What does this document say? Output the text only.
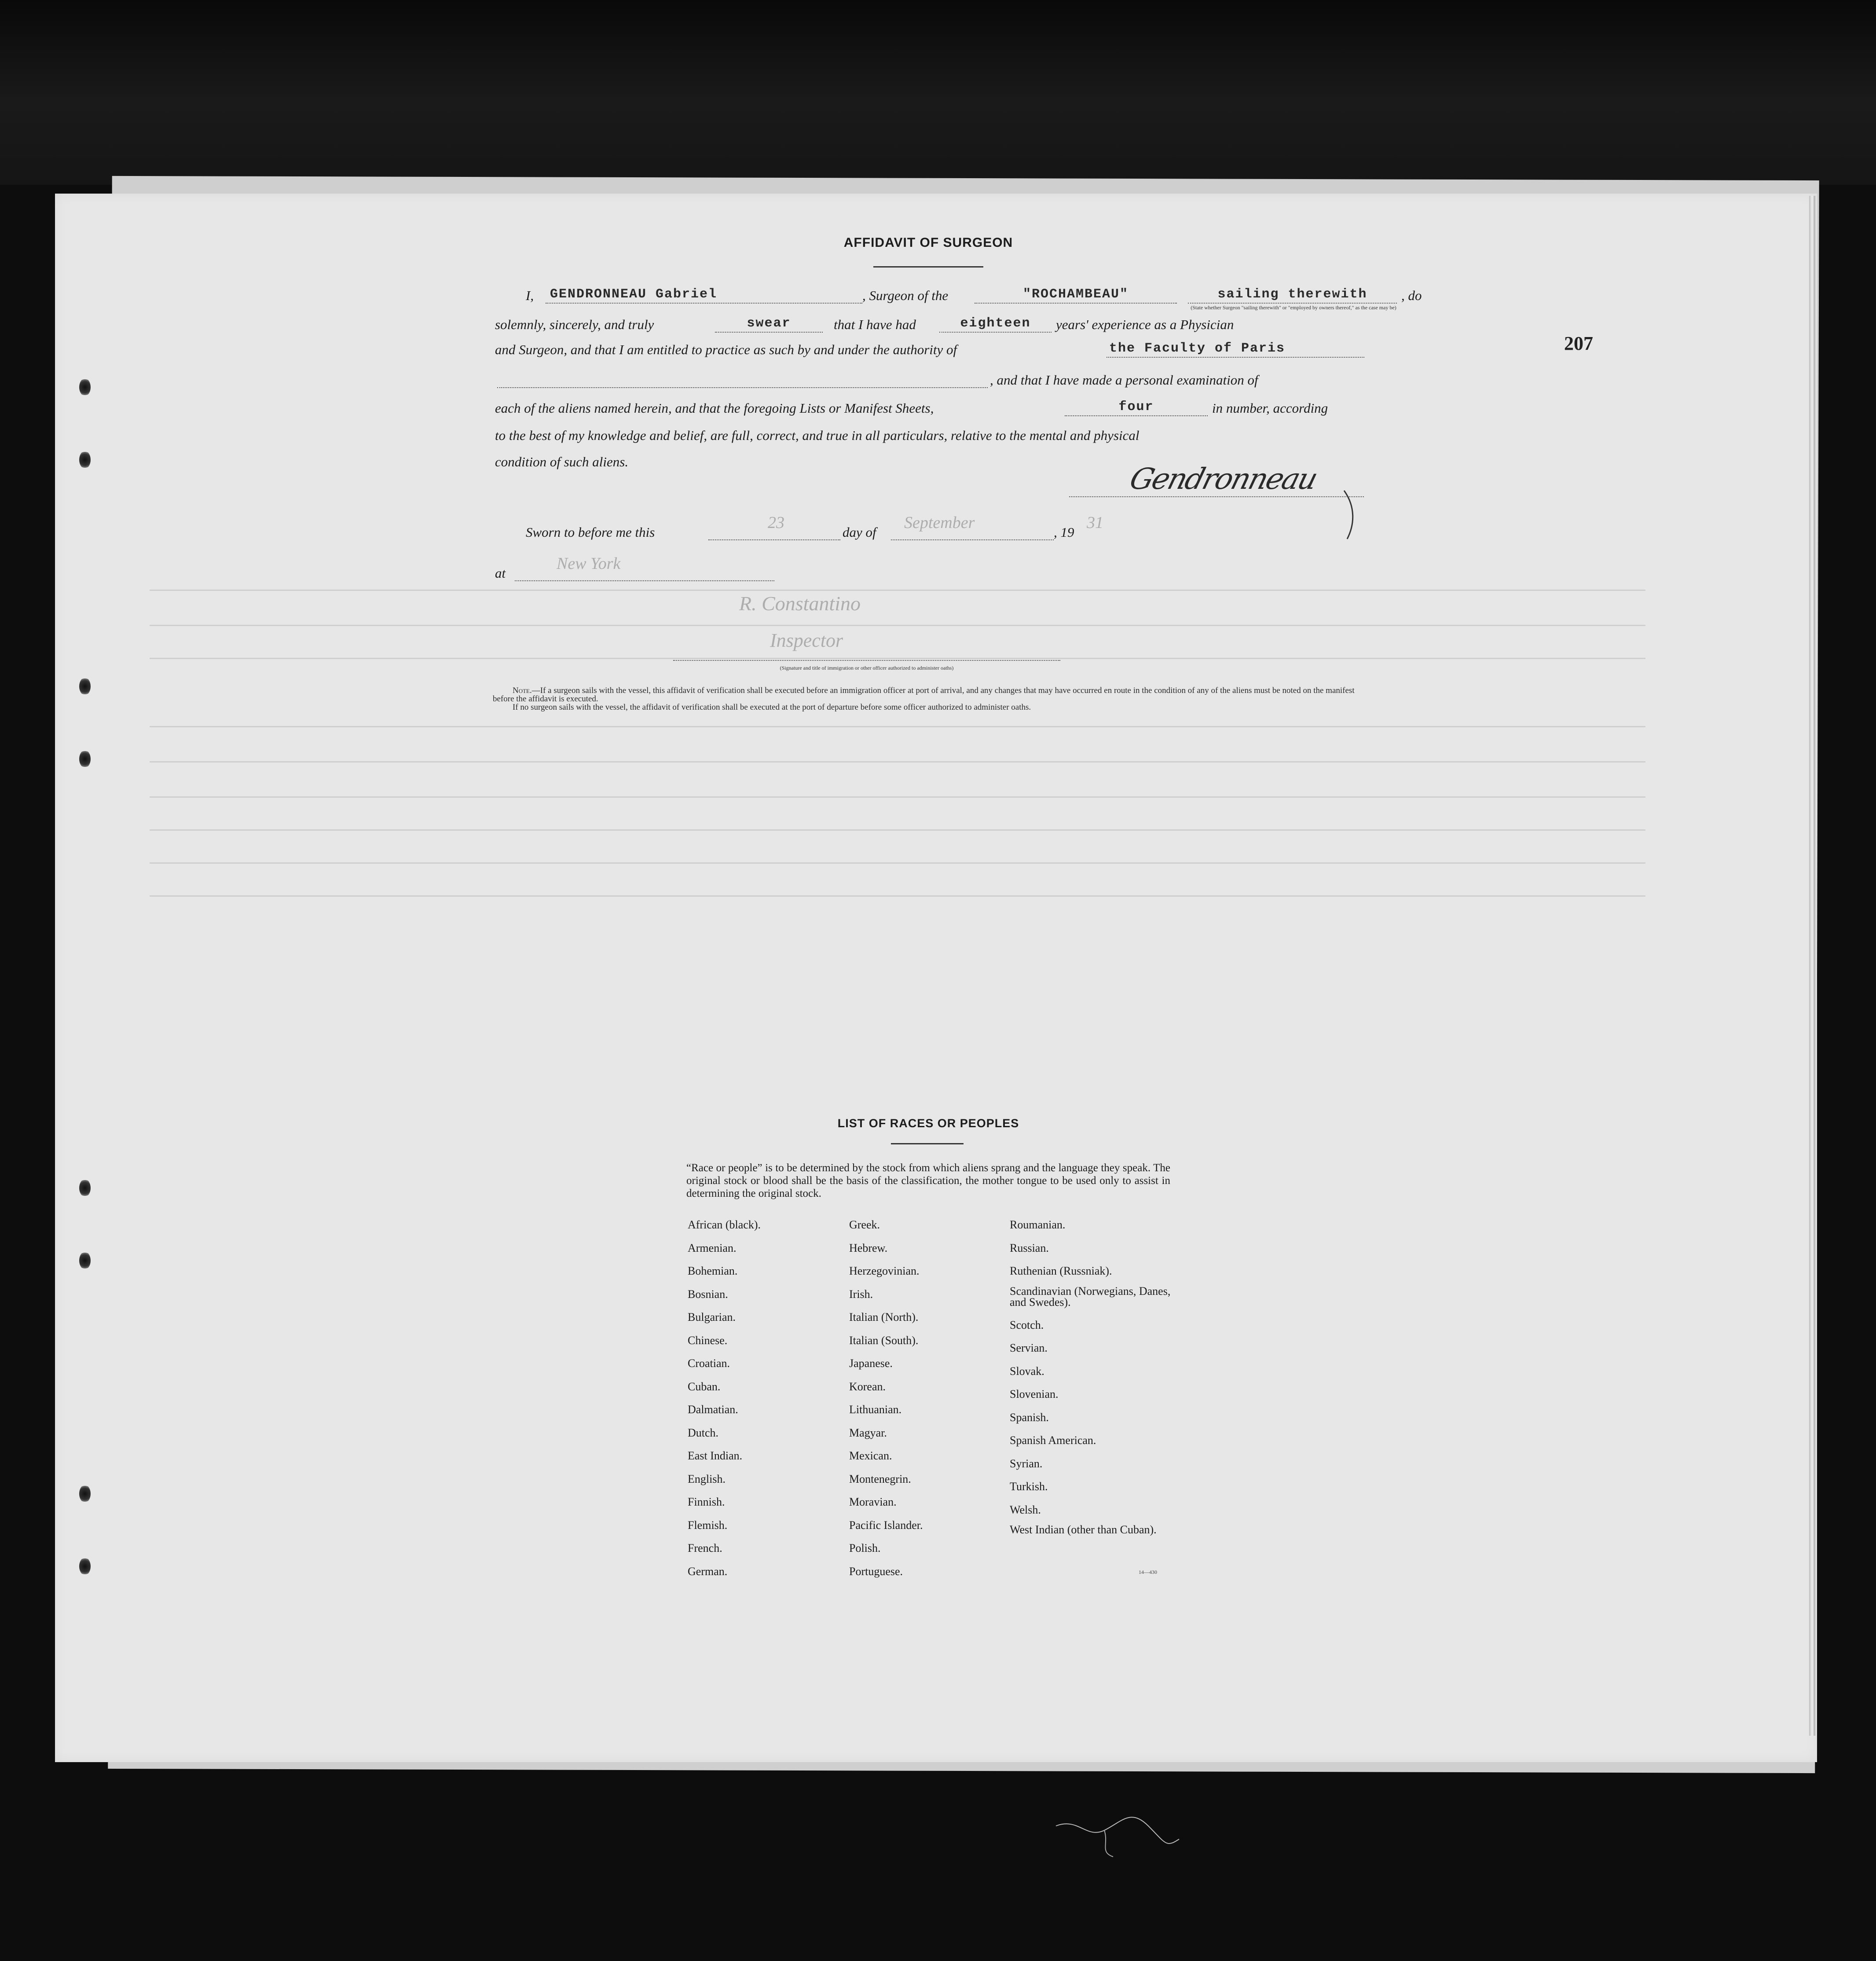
207
AFFIDAVIT OF SURGEON
I,	GENDRONNEAU Gabriel	, Surgeon of the	"ROCHAMBEAU"	sailing therewith	, do
(State whether Surgeon "sailing therewith" or "employed by owners thereof," as the case may be)
solemnly, sincerely, and truly	swear	that I have had	eighteen	years' experience as a Physician
and Surgeon, and that I am entitled to practice as such by and under the authority of	the Faculty of Paris
, and that I have made a personal examination of
each of the aliens named herein, and that the foregoing Lists or Manifest Sheets,	four	in number, according
to the best of my knowledge and belief, are full, correct, and true in all particulars, relative to the mental and physical
condition of such aliens.
Gendronneau
Sworn to before me this
23
day of
September
, 19
31
at
New York
R. Constantino
Inspector
(Signature and title of immigration or other officer authorized to administer oaths)
Note.—If a surgeon sails with the vessel, this affidavit of verification shall be executed before an immigration officer at port of arrival, and any changes that may have occurred en route in the condition of any of the aliens must be noted on the manifest before the affidavit is executed.
If no surgeon sails with the vessel, the affidavit of verification shall be executed at the port of departure before some officer authorized to administer oaths.
LIST OF RACES OR PEOPLES
“Race or people” is to be determined by the stock from which aliens sprang and the language they speak. The original stock or blood shall be the basis of the classification, the mother tongue to be used only to assist in determining the original stock.
African (black).
Armenian.
Bohemian.
Bosnian.
Bulgarian.
Chinese.
Croatian.
Cuban.
Dalmatian.
Dutch.
East Indian.
English.
Finnish.
Flemish.
French.
German.
Greek.
Hebrew.
Herzegovinian.
Irish.
Italian (North).
Italian (South).
Japanese.
Korean.
Lithuanian.
Magyar.
Mexican.
Montenegrin.
Moravian.
Pacific Islander.
Polish.
Portuguese.
Roumanian.
Russian.
Ruthenian (Russniak).
Scandinavian (Norwegians, Danes, and Swedes).
Scotch.
Servian.
Slovak.
Slovenian.
Spanish.
Spanish American.
Syrian.
Turkish.
Welsh.
West Indian (other than Cuban).
14—430
